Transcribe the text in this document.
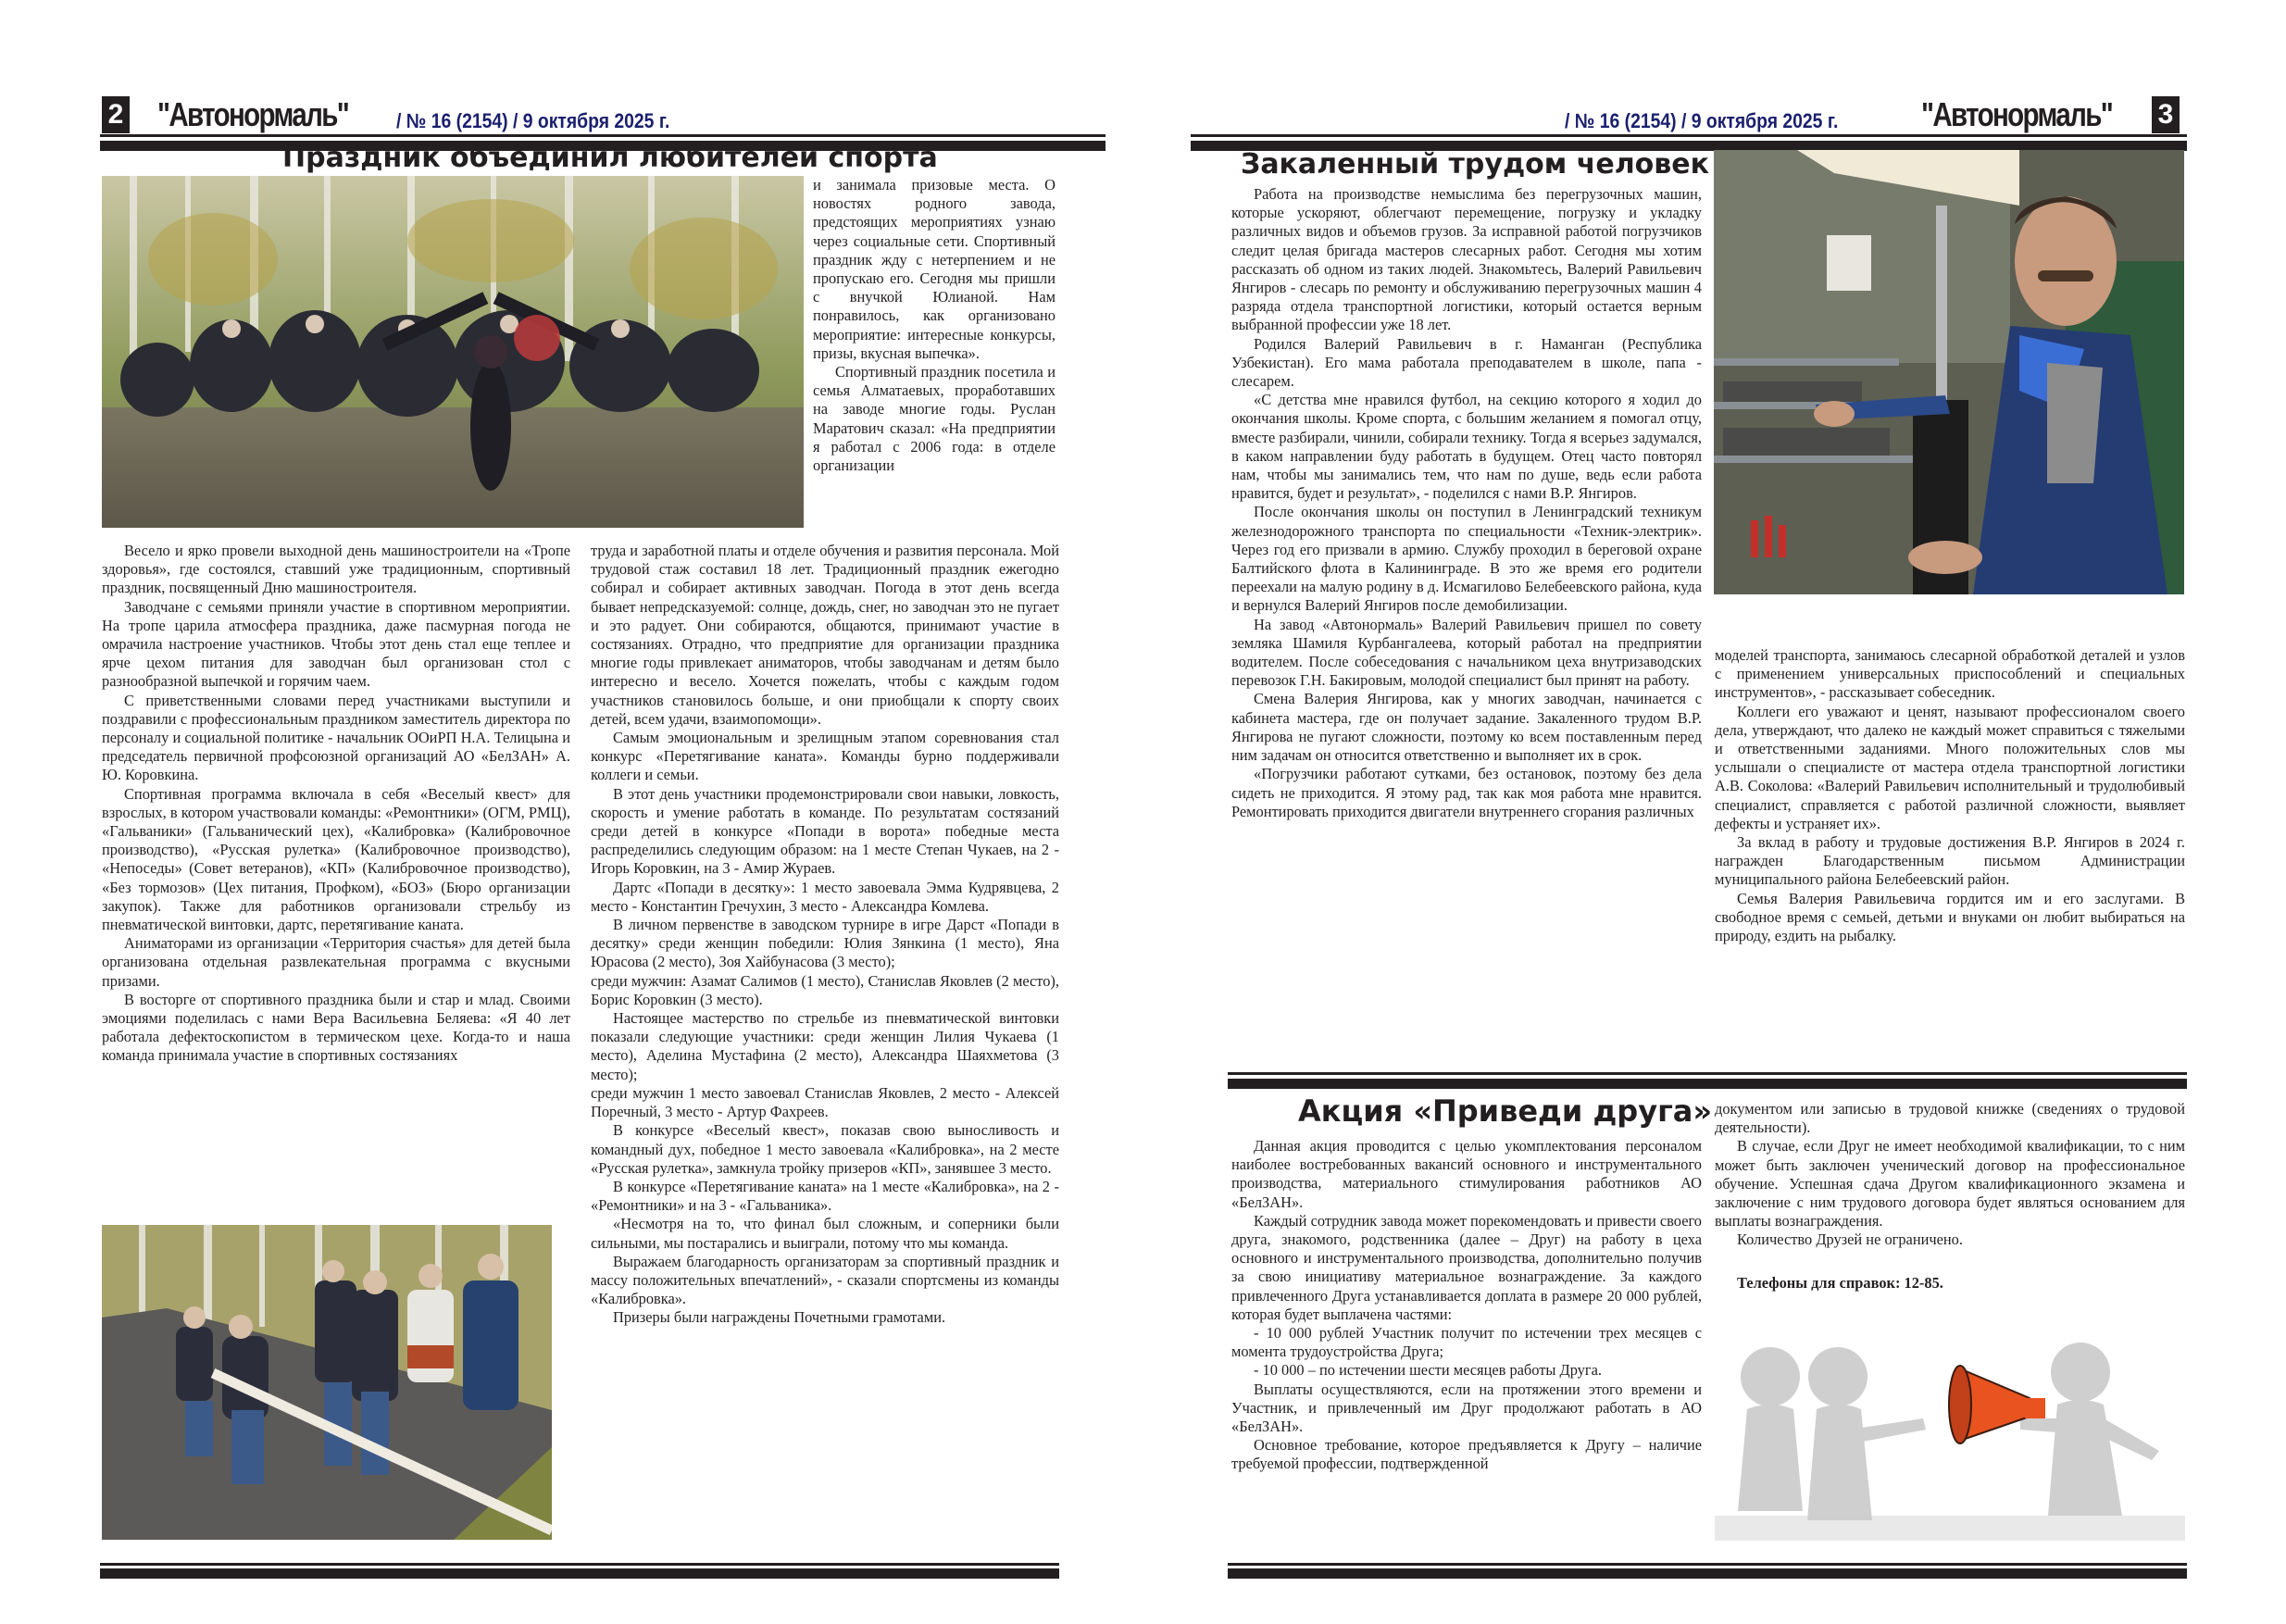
2 "Автонормаль" / № 16 (2154) / 9 октября 2025 г.
Праздник объединил любителей спорта

и занимала призовые места. О новостях родного завода, предстоящих мероприятиях узнаю через социальные сети. Спортивный праздник жду с нетерпением и не пропускаю его. Сегодня мы пришли с внучкой Юлианой. Нам понравилось, как организовано мероприятие: интересные конкурсы, призы, вкусная выпечка».

Спортивный праздник посетила и семья Алматаевых, проработавших на заводе многие годы. Руслан Маратович сказал: «На предприятии я работал с 2006 года: в отделе организации

Весело и ярко провели выходной день машиностроители на «Тропе здоровья», где состоялся, ставший уже традиционным, спортивный праздник, посвященный Дню машиностроителя.

Заводчане с семьями приняли участие в спортивном мероприятии. На тропе царила атмосфера праздника, даже пасмурная погода не омрачила настроение участников. Чтобы этот день стал еще теплее и ярче цехом питания для заводчан был организован стол с разнообразной выпечкой и горячим чаем.

С приветственными словами перед участниками выступили и поздравили с профессиональным праздником заместитель директора по персоналу и социальной политике - начальник ООиРП Н.А. Телицына и председатель первичной профсоюзной организаций АО «БелЗАН» А. Ю. Коровкина.

Спортивная программа включала в себя «Веселый квест» для взрослых, в котором участвовали команды: «Ремонтники» (ОГМ, РМЦ), «Гальваники» (Гальванический цех), «Калибровка» (Калибровочное производство), «Русская рулетка» (Калибровочное производство), «Непоседы» (Совет ветеранов), «КП» (Калибровочное производство), «Без тормозов» (Цех питания, Профком), «БОЗ» (Бюро организации закупок). Также для работников организовали стрельбу из пневматической винтовки, дартс, перетягивание каната.

Аниматорами из организации «Территория счастья» для детей была организована отдельная развлекательная программа с вкусными призами.

В восторге от спортивного праздника были и стар и млад. Своими эмоциями поделилась с нами Вера Васильевна Беляева: «Я 40 лет работала дефектоскопистом в термическом цехе. Когда-то и наша команда принимала участие в спортивных состязаниях

труда и заработной платы и отделе обучения и развития персонала. Мой трудовой стаж составил 18 лет. Традиционный праздник ежегодно собирал и собирает активных заводчан. Погода в этот день всегда бывает непредсказуемой: солнце, дождь, снег, но заводчан это не пугает и это радует. Они собираются, общаются, принимают участие в состязаниях. Отрадно, что предприятие для организации праздника многие годы привлекает аниматоров, чтобы заводчанам и детям было интересно и весело. Хочется пожелать, чтобы с каждым годом участников становилось больше, и они приобщали к спорту своих детей, всем удачи, взаимопомощи».

Самым эмоциональным и зрелищным этапом соревнования стал конкурс «Перетягивание каната». Команды бурно поддерживали коллеги и семьи.

В этот день участники продемонстрировали свои навыки, ловкость, скорость и умение работать в команде. По результатам состязаний среди детей в конкурсе «Попади в ворота» победные места распределились следующим образом: на 1 месте Степан Чукаев, на 2 - Игорь Коровкин, на 3 - Амир Жураев.

Дартс «Попади в десятку»: 1 место завоевала Эмма Кудрявцева, 2 место - Константин Гречухин, 3 место - Александра Комлева.

В личном первенстве в заводском турнире в игре Дарст «Попади в десятку» среди женщин победили: Юлия Зянкина (1 место), Яна Юрасова (2 место), Зоя Хайбунасова (3 место);

среди мужчин: Азамат Салимов (1 место), Станислав Яковлев (2 место), Борис Коровкин (3 место).

Настоящее мастерство по стрельбе из пневматической винтовки показали следующие участники: среди женщин Лилия Чукаева (1 место), Аделина Мустафина (2 место), Александра Шаяхметова (3 место);

среди мужчин 1 место завоевал Станислав Яковлев, 2 место - Алексей Поречный, 3 место - Артур Фахреев.

В конкурсе «Веселый квест», показав свою выносливость и командный дух, победное 1 место завоевала «Калибровка», на 2 месте «Русская рулетка», замкнула тройку призеров «КП», занявшее 3 место.

В конкурсе «Перетягивание каната» на 1 месте «Калибровка», на 2 - «Ремонтники» и на 3 - «Гальваника».

«Несмотря на то, что финал был сложным, и соперники были сильными, мы постарались и выиграли, потому что мы команда.

Выражаем благодарность организаторам за спортивный праздник и массу положительных впечатлений», - сказали спортсмены из команды «Калибровка».

Призеры были награждены Почетными грамотами.

/ № 16 (2154) / 9 октября 2025 г. "Автонормаль" 3
Закаленный трудом человек

Работа на производстве немыслима без перегрузочных машин, которые ускоряют, облегчают перемещение, погрузку и укладку различных видов и объемов грузов. За исправной работой погрузчиков следит целая бригада мастеров слесарных работ. Сегодня мы хотим рассказать об одном из таких людей. Знакомьтесь, Валерий Равильевич Янгиров - слесарь по ремонту и обслуживанию перегрузочных машин 4 разряда отдела транспортной логистики, который остается верным выбранной профессии уже 18 лет.

Родился Валерий Равильевич в г. Наманган (Республика Узбекистан). Его мама работала преподавателем в школе, папа - слесарем.

«С детства мне нравился футбол, на секцию которого я ходил до окончания школы. Кроме спорта, с большим желанием я помогал отцу, вместе разбирали, чинили, собирали технику. Тогда я всерьез задумался, в каком направлении буду работать в будущем. Отец часто повторял нам, чтобы мы занимались тем, что нам по душе, ведь если работа нравится, будет и результат», - поделился с нами В.Р. Янгиров.

После окончания школы он поступил в Ленинградский техникум железнодорожного транспорта по специальности «Техник-электрик». Через год его призвали в армию. Службу проходил в береговой охране Балтийского флота в Калининграде. В это же время его родители переехали на малую родину в д. Исмагилово Белебеевского района, куда и вернулся Валерий Янгиров после демобилизации.

На завод «Автонормаль» Валерий Равильевич пришел по совету земляка Шамиля Курбангалеева, который работал на предприятии водителем. После собеседования с начальником цеха внутризаводских перевозок Г.Н. Бакировым, молодой специалист был принят на работу.

Смена Валерия Янгирова, как у многих заводчан, начинается с кабинета мастера, где он получает задание. Закаленного трудом В.Р. Янгирова не пугают сложности, поэтому ко всем поставленным перед ним задачам он относится ответственно и выполняет их в срок.

«Погрузчики работают сутками, без остановок, поэтому без дела сидеть не приходится. Я этому рад, так как моя работа мне нравится. Ремонтировать приходится двигатели внутреннего сгорания различных

моделей транспорта, занимаюсь слесарной обработкой деталей и узлов с применением универсальных приспособлений и специальных инструментов», - рассказывает собеседник.

Коллеги его уважают и ценят, называют профессионалом своего дела, утверждают, что далеко не каждый может справиться с тяжелыми и ответственными заданиями. Много положительных слов мы услышали о специалисте от мастера отдела транспортной логистики А.В. Соколова: «Валерий Равильевич исполнительный и трудолюбивый специалист, справляется с работой различной сложности, выявляет дефекты и устраняет их».

За вклад в работу и трудовые достижения В.Р. Янгиров в 2024 г. награжден Благодарственным письмом Администрации муниципального района Белебеевский район.

Семья Валерия Равильевича гордится им и его заслугами. В свободное время с семьей, детьми и внуками он любит выбираться на природу, ездить на рыбалку.

Акция «Приведи друга»

Данная акция проводится с целью укомплектования персоналом наиболее востребованных вакансий основного и инструментального производства, материального стимулирования работников АО «БелЗАН».

Каждый сотрудник завода может порекомендовать и привести своего друга, знакомого, родственника (далее – Друг) на работу в цеха основного и инструментального производства, дополнительно получив за свою инициативу материальное вознаграждение. За каждого привлеченного Друга устанавливается доплата в размере 20 000 рублей, которая будет выплачена частями:

- 10 000 рублей Участник получит по истечении трех месяцев с момента трудоустройства Друга;

- 10 000 – по истечении шести месяцев работы Друга.

Выплаты осуществляются, если на протяжении этого времени и Участник, и привлеченный им Друг продолжают работать в АО «БелЗАН».

Основное требование, которое предъявляется к Другу – наличие требуемой профессии, подтвержденной

документом или записью в трудовой книжке (сведениях о трудовой деятельности).

В случае, если Друг не имеет необходимой квалификации, то с ним может быть заключен ученический договор на профессиональное обучение. Успешная сдача Другом квалификационного экзамена и заключение с ним трудового договора будет являться основанием для выплаты вознаграждения.

Количество Друзей не ограничено.

Телефоны для справок: 12-85.
